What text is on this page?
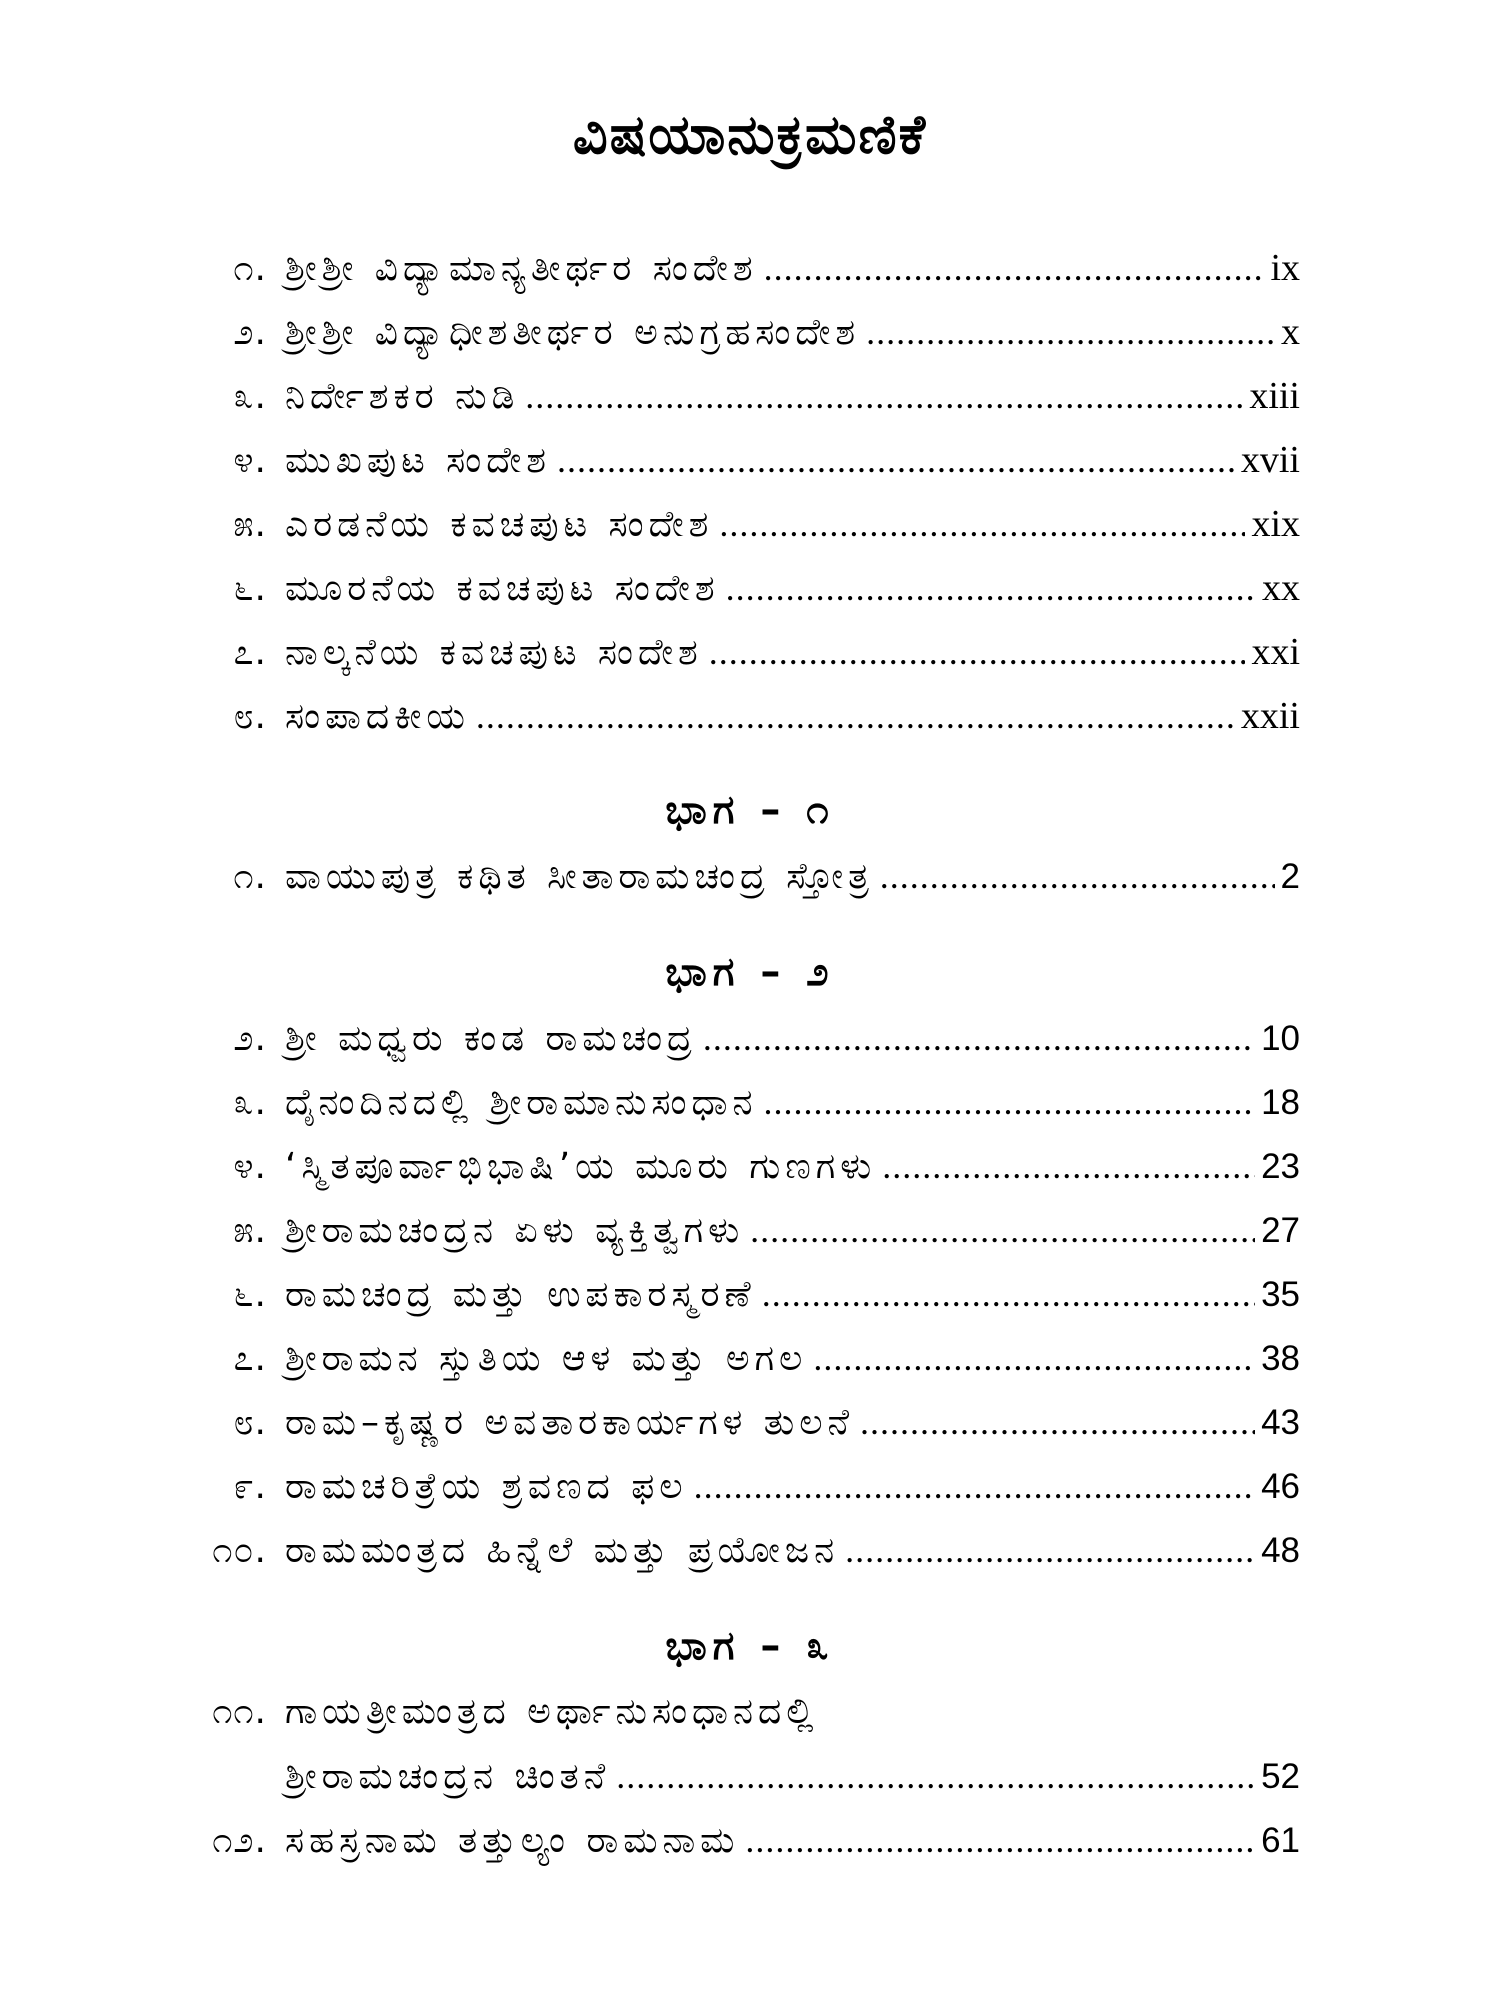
ವಿಷಯಾನುಕ್ರಮಣಿಕೆ
೧. ಶ್ರೀಶ್ರೀ ವಿದ್ಯಾಮಾನ್ಯತೀರ್ಥರ ಸಂದೇಶ .....	ix
೨. ಶ್ರೀಶ್ರೀ ವಿದ್ಯಾಧೀಶತೀರ್ಥರ ಅನುಗ್ರಹಸಂದೇಶ .....	x
೩. ನಿರ್ದೇಶಕರ ನುಡಿ .....	xiii
೪. ಮುಖಪುಟ ಸಂದೇಶ .....	xvii
೫. ಎರಡನೆಯ ಕವಚಪುಟ ಸಂದೇಶ .....	xix
೬. ಮೂರನೆಯ ಕವಚಪುಟ ಸಂದೇಶ .....	xx
೭. ನಾಲ್ಕನೆಯ ಕವಚಪುಟ ಸಂದೇಶ .....	xxi
೮. ಸಂಪಾದಕೀಯ .....	xxii
ಭಾಗ – ೧
೧. ವಾಯುಪುತ್ರ ಕಥಿತ ಸೀತಾರಾಮಚಂದ್ರ ಸ್ತೋತ್ರ .....	2
ಭಾಗ – ೨
೨. ಶ್ರೀ ಮಧ್ವರು ಕಂಡ ರಾಮಚಂದ್ರ .....	10
೩. ದೈನಂದಿನದಲ್ಲಿ ಶ್ರೀರಾಮಾನುಸಂಧಾನ .....	18
೪. ‘ಸ್ಮಿತಪೂರ್ವಾಭಿಭಾಷಿ’ಯ ಮೂರು ಗುಣಗಳು .....	23
೫. ಶ್ರೀರಾಮಚಂದ್ರನ ಏಳು ವ್ಯಕ್ತಿತ್ವಗಳು .....	27
೬. ರಾಮಚಂದ್ರ ಮತ್ತು ಉಪಕಾರಸ್ಮರಣೆ .....	35
೭. ಶ್ರೀರಾಮನ ಸ್ತುತಿಯ ಆಳ ಮತ್ತು ಅಗಲ .....	38
೮. ರಾಮ–ಕೃಷ್ಣರ ಅವತಾರಕಾರ್ಯಗಳ ತುಲನೆ .....	43
೯. ರಾಮಚರಿತ್ರೆಯ ಶ್ರವಣದ ಫಲ .....	46
೧೦. ರಾಮಮಂತ್ರದ ಹಿನ್ನೆಲೆ ಮತ್ತು ಪ್ರಯೋಜನ .....	48
ಭಾಗ – ೩
೧೧. ಗಾಯತ್ರೀಮಂತ್ರದ ಅರ್ಥಾನುಸಂಧಾನದಲ್ಲಿ
ಶ್ರೀರಾಮಚಂದ್ರನ ಚಿಂತನೆ .....	52
೧೨. ಸಹಸ್ರನಾಮ ತತ್ತುಲ್ಯಂ ರಾಮನಾಮ .....	61
